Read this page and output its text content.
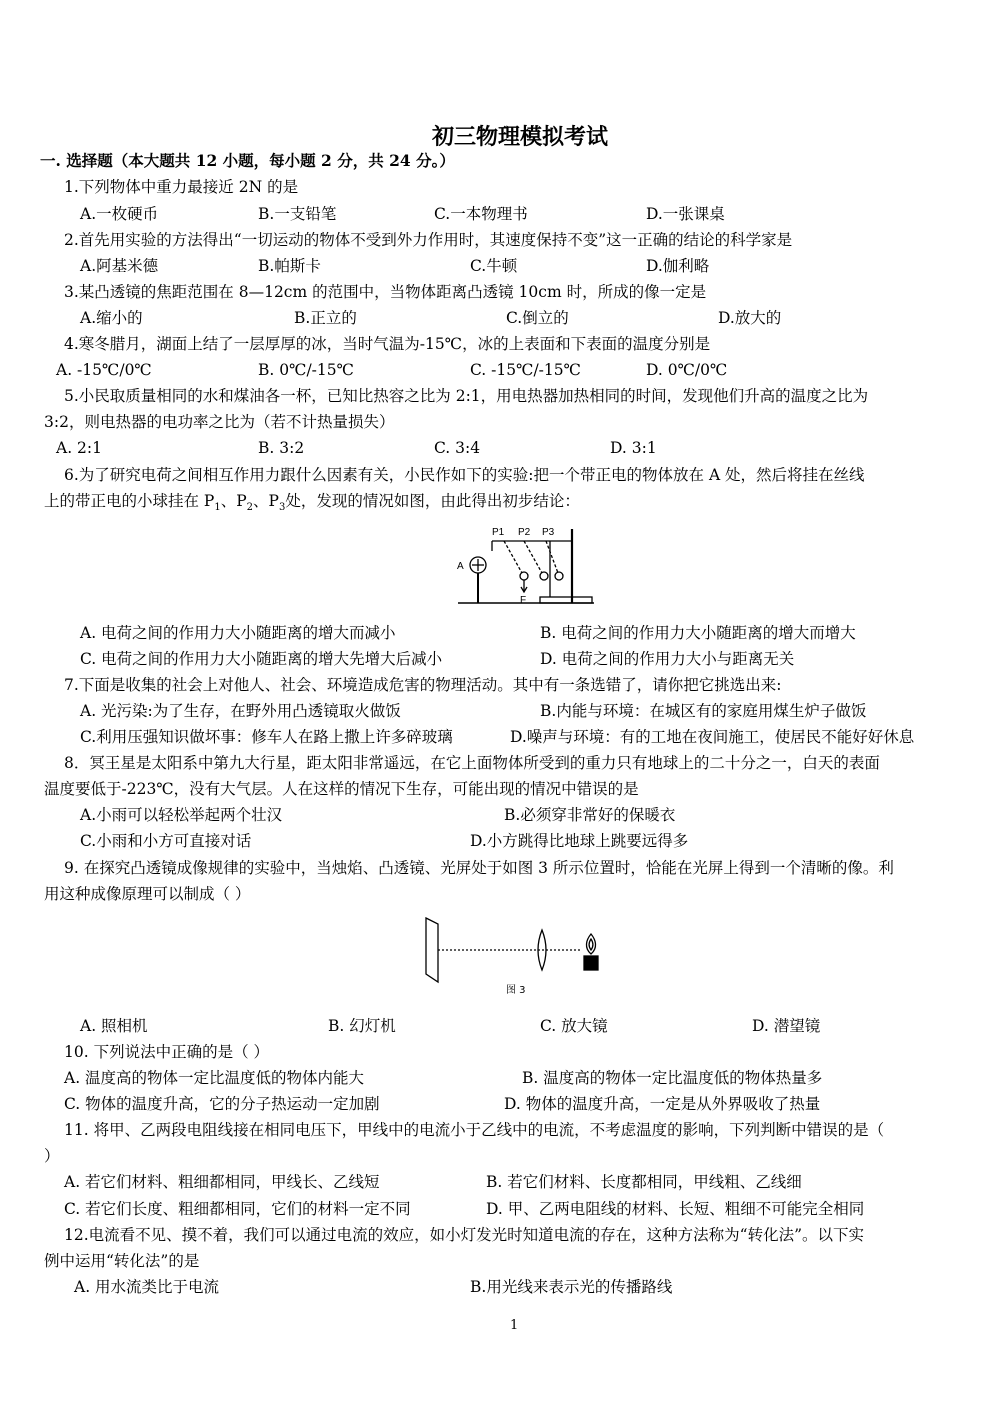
初三物理模拟考试
一. 选择题（本大题共 12 小题，每小题 2 分，共 24 分。）
1.下列物体中重力最接近 2N 的是
A.一枚硬币	B.一支铅笔	C.一本物理书	D.一张课桌
2.首先用实验的方法得出“一切运动的物体不受到外力作用时，其速度保持不变”这一正确的结论的科学家是
A.阿基米德	B.帕斯卡	C.牛顿	D.伽利略
3.某凸透镜的焦距范围在 8—12cm 的范围中，当物体距离凸透镜 10cm 时，所成的像一定是
A.缩小的	B.正立的	C.倒立的	D.放大的
4.寒冬腊月，湖面上结了一层厚厚的冰，当时气温为-15℃，冰的上表面和下表面的温度分别是
A. -15℃/0℃	B. 0℃/-15℃	C. -15℃/-15℃	D. 0℃/0℃
5.小民取质量相同的水和煤油各一杯，已知比热容之比为 2:1，用电热器加热相同的时间，发现他们升高的温度之比为
3:2，则电热器的电功率之比为（若不计热量损失）
A. 2:1	B. 3:2	C. 3:4	D. 3:1
6.为了研究电荷之间相互作用力跟什么因素有关，小民作如下的实验:把一个带正电的物体放在 A 处，然后将挂在丝线
上的带正电的小球挂在 $P_1$、$P_2$、$P_3$处，发现的情况如图，由此得出初步结论：
P1 P2 P3
A
F
A. 电荷之间的作用力大小随距离的增大而减小	B. 电荷之间的作用力大小随距离的增大而增大
C. 电荷之间的作用力大小随距离的增大先增大后减小	D. 电荷之间的作用力大小与距离无关
7.下面是收集的社会上对他人、社会、环境造成危害的物理活动。其中有一条选错了，请你把它挑选出来:
A. 光污染:为了生存，在野外用凸透镜取火做饭	B.内能与环境：在城区有的家庭用煤生炉子做饭
C.利用压强知识做坏事：修车人在路上撒上许多碎玻璃	D.噪声与环境：有的工地在夜间施工，使居民不能好好休息
8．冥王星是太阳系中第九大行星，距太阳非常遥远，在它上面物体所受到的重力只有地球上的二十分之一，白天的表面
温度要低于-223℃，没有大气层。人在这样的情况下生存，可能出现的情况中错误的是
A.小雨可以轻松举起两个壮汉	B.必须穿非常好的保暖衣
C.小雨和小方可直接对话	D.小方跳得比地球上跳要远得多
9. 在探究凸透镜成像规律的实验中，当烛焰、凸透镜、光屏处于如图 3 所示位置时，恰能在光屏上得到一个清晰的像。利
用这种成像原理可以制成（ ）
图 3
A. 照相机	B. 幻灯机	C. 放大镜	D. 潜望镜
10. 下列说法中正确的是（ ）
A. 温度高的物体一定比温度低的物体内能大	B. 温度高的物体一定比温度低的物体热量多
C. 物体的温度升高，它的分子热运动一定加剧	D. 物体的温度升高，一定是从外界吸收了热量
11. 将甲、乙两段电阻线接在相同电压下，甲线中的电流小于乙线中的电流，不考虑温度的影响，下列判断中错误的是（
）
A. 若它们材料、粗细都相同，甲线长、乙线短	B. 若它们材料、长度都相同，甲线粗、乙线细
C. 若它们长度、粗细都相同，它们的材料一定不同	D. 甲、乙两电阻线的材料、长短、粗细不可能完全相同
12.电流看不见、摸不着，我们可以通过电流的效应，如小灯发光时知道电流的存在，这种方法称为“转化法”。以下实
例中运用“转化法”的是
A. 用水流类比于电流	B.用光线来表示光的传播路线
1
